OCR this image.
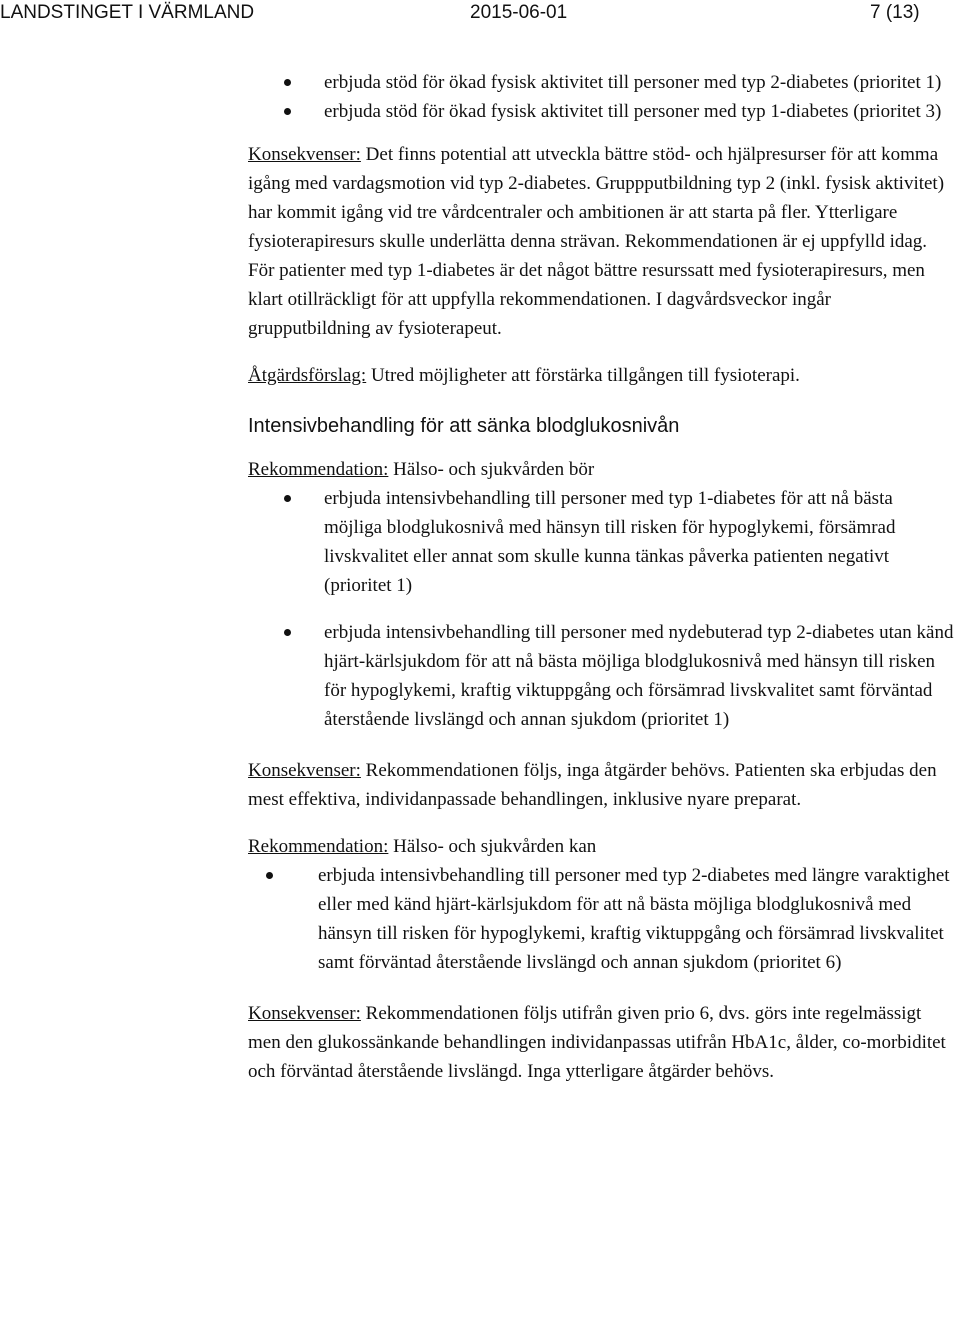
LANDSTINGET I VÄRMLAND	2015-06-01	7 (13)
erbjuda stöd för ökad fysisk aktivitet till personer med typ 2-diabetes (prioritet 1)
erbjuda stöd för ökad fysisk aktivitet till personer med typ 1-diabetes (prioritet 3)

Konsekvenser: Det finns potential att utveckla bättre stöd- och hjälpresurser för att komma igång med vardagsmotion vid typ 2-diabetes. Gruppputbildning typ 2 (inkl. fysisk aktivitet) har kommit igång vid tre vårdcentraler och ambitionen är att starta på fler. Ytterligare fysioterapiresurs skulle underlätta denna strävan. Rekommendationen är ej uppfylld idag. För patienter med typ 1-diabetes är det något bättre resurssatt med fysioterapiresurs, men klart otillräckligt för att uppfylla rekommendationen. I dagvårdsveckor ingår grupputbildning av fysioterapeut.

Åtgärdsförslag: Utred möjligheter att förstärka tillgången till fysioterapi.

Intensivbehandling för att sänka blodglukosnivån

Rekommendation: Hälso- och sjukvården bör

erbjuda intensivbehandling till personer med typ 1-diabetes för att nå bästa möjliga blodglukosnivå med hänsyn till risken för hypoglykemi, försämrad livskvalitet eller annat som skulle kunna tänkas påverka patienten negativt (prioritet 1)
erbjuda intensivbehandling till personer med nydebuterad typ 2-diabetes utan känd hjärt-kärlsjukdom för att nå bästa möjliga blodglukosnivå med hänsyn till risken för hypoglykemi, kraftig viktuppgång och försämrad livskvalitet samt förväntad återstående livslängd och annan sjukdom (prioritet 1)

Konsekvenser: Rekommendationen följs, inga åtgärder behövs. Patienten ska erbjudas den mest effektiva, individanpassade behandlingen, inklusive nyare preparat.

Rekommendation: Hälso- och sjukvården kan

erbjuda intensivbehandling till personer med typ 2-diabetes med längre varaktighet eller med känd hjärt-kärlsjukdom för att nå bästa möjliga blodglukosnivå med hänsyn till risken för hypoglykemi, kraftig viktuppgång och försämrad livskvalitet samt förväntad återstående livslängd och annan sjukdom (prioritet 6)

Konsekvenser: Rekommendationen följs utifrån given prio 6, dvs. görs inte regelmässigt men den glukossänkande behandlingen individanpassas utifrån HbA1c, ålder, co-morbiditet och förväntad återstående livslängd. Inga ytterligare åtgärder behövs.
